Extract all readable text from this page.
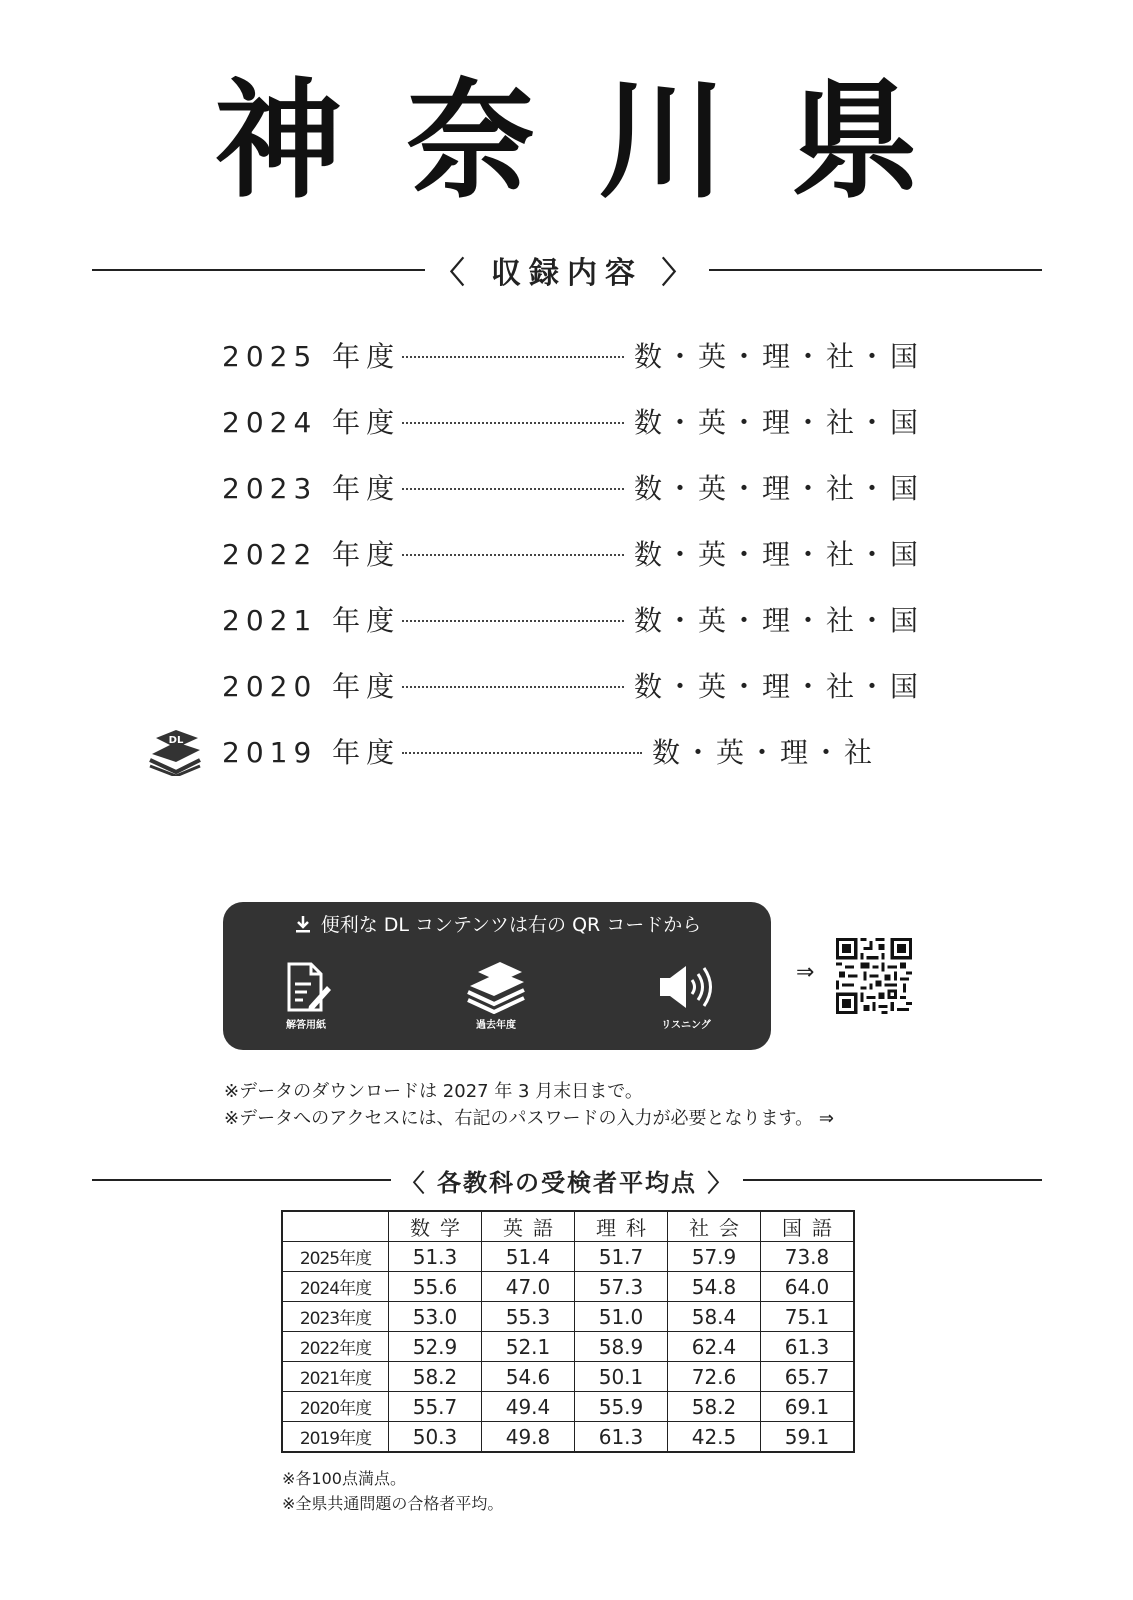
神奈川県
〈 収録内容 〉
2025 年度	数・英・理・社・国
2024 年度	数・英・理・社・国
2023 年度	数・英・理・社・国
2022 年度	数・英・理・社・国
2021 年度	数・英・理・社・国
2020 年度	数・英・理・社・国
DL 2019 年度	数・英・理・社
便利な DL コンテンツは右の QR コードから
解答用紙	過去年度	リスニング
⇒
※データのダウンロードは 2027 年 3 月末日まで。
※データへのアクセスには、右記のパスワードの入力が必要となります。 ⇒
〈 各教科の受検者平均点 〉
	数学	英語	理科	社会	国語
2025年度	51.3	51.4	51.7	57.9	73.8
2024年度	55.6	47.0	57.3	54.8	64.0
2023年度	53.0	55.3	51.0	58.4	75.1
2022年度	52.9	52.1	58.9	62.4	61.3
2021年度	58.2	54.6	50.1	72.6	65.7
2020年度	55.7	49.4	55.9	58.2	69.1
2019年度	50.3	49.8	61.3	42.5	59.1
※各100点満点。
※全県共通問題の合格者平均。
